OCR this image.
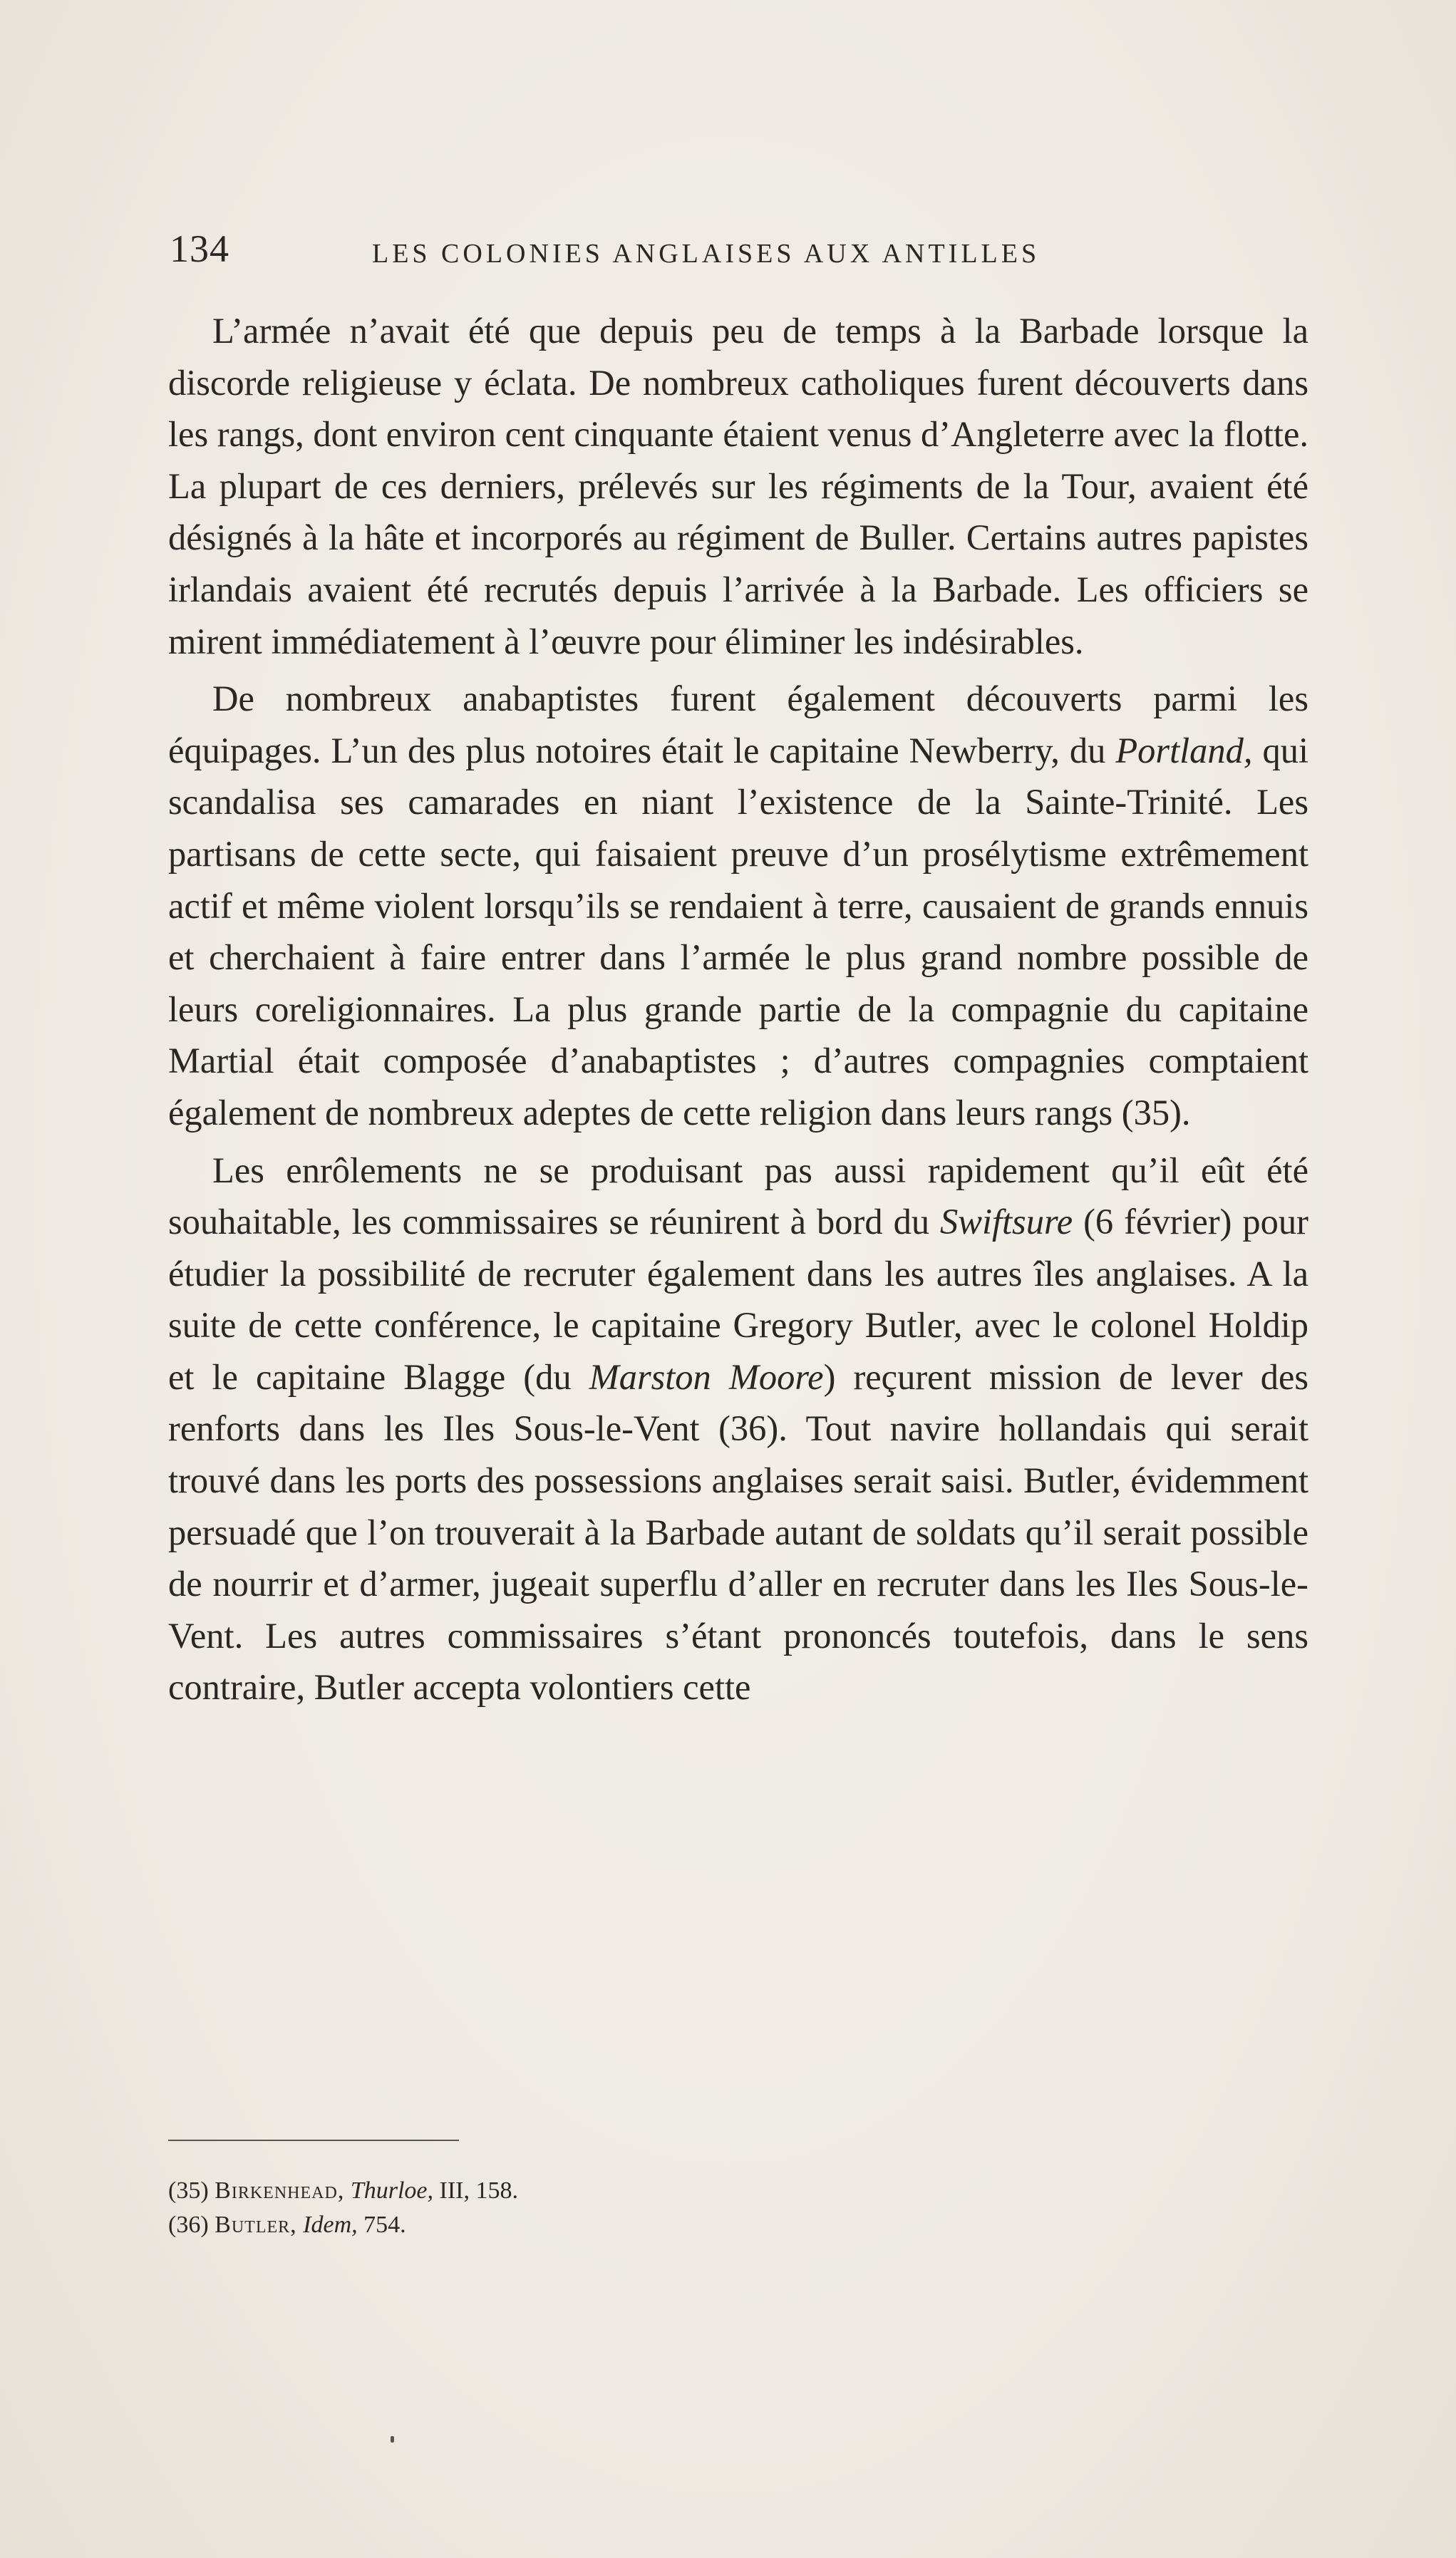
134	LES COLONIES ANGLAISES AUX ANTILLES

L’armée n’avait été que depuis peu de temps à la Barbade lorsque la discorde religieuse y éclata. De nombreux catholiques furent découverts dans les rangs, dont environ cent cinquante étaient venus d’Angleterre avec la flotte. La plupart de ces derniers, prélevés sur les régiments de la Tour, avaient été désignés à la hâte et incorporés au régiment de Buller. Certains autres papistes irlandais avaient été recrutés depuis l’arrivée à la Barbade. Les officiers se mirent immédiatement à l’œuvre pour éliminer les indésirables.

De nombreux anabaptistes furent également découverts parmi les équipages. L’un des plus notoires était le capitaine Newberry, du Portland, qui scandalisa ses camarades en niant l’existence de la Sainte-Trinité. Les partisans de cette secte, qui faisaient preuve d’un prosélytisme extrêmement actif et même violent lorsqu’ils se rendaient à terre, causaient de grands ennuis et cherchaient à faire entrer dans l’armée le plus grand nombre possible de leurs coreligionnaires. La plus grande partie de la compagnie du capitaine Martial était composée d’anabaptistes ; d’autres compagnies comptaient également de nombreux adeptes de cette religion dans leurs rangs (35).

Les enrôlements ne se produisant pas aussi rapidement qu’il eût été souhaitable, les commissaires se réunirent à bord du Swiftsure (6 février) pour étudier la possibilité de recruter également dans les autres îles anglaises. A la suite de cette conférence, le capitaine Gregory Butler, avec le colonel Holdip et le capitaine Blagge (du Marston Moore) reçurent mission de lever des renforts dans les Iles Sous-le-Vent (36). Tout navire hollandais qui serait trouvé dans les ports des possessions anglaises serait saisi. Butler, évidemment persuadé que l’on trouverait à la Barbade autant de soldats qu’il serait possible de nourrir et d’armer, jugeait superflu d’aller en recruter dans les Iles Sous-le-Vent. Les autres commissaires s’étant prononcés toutefois, dans le sens contraire, Butler accepta volontiers cette

(35) Birkenhead, Thurloe, III, 158.

(36) Butler, Idem, 754.
